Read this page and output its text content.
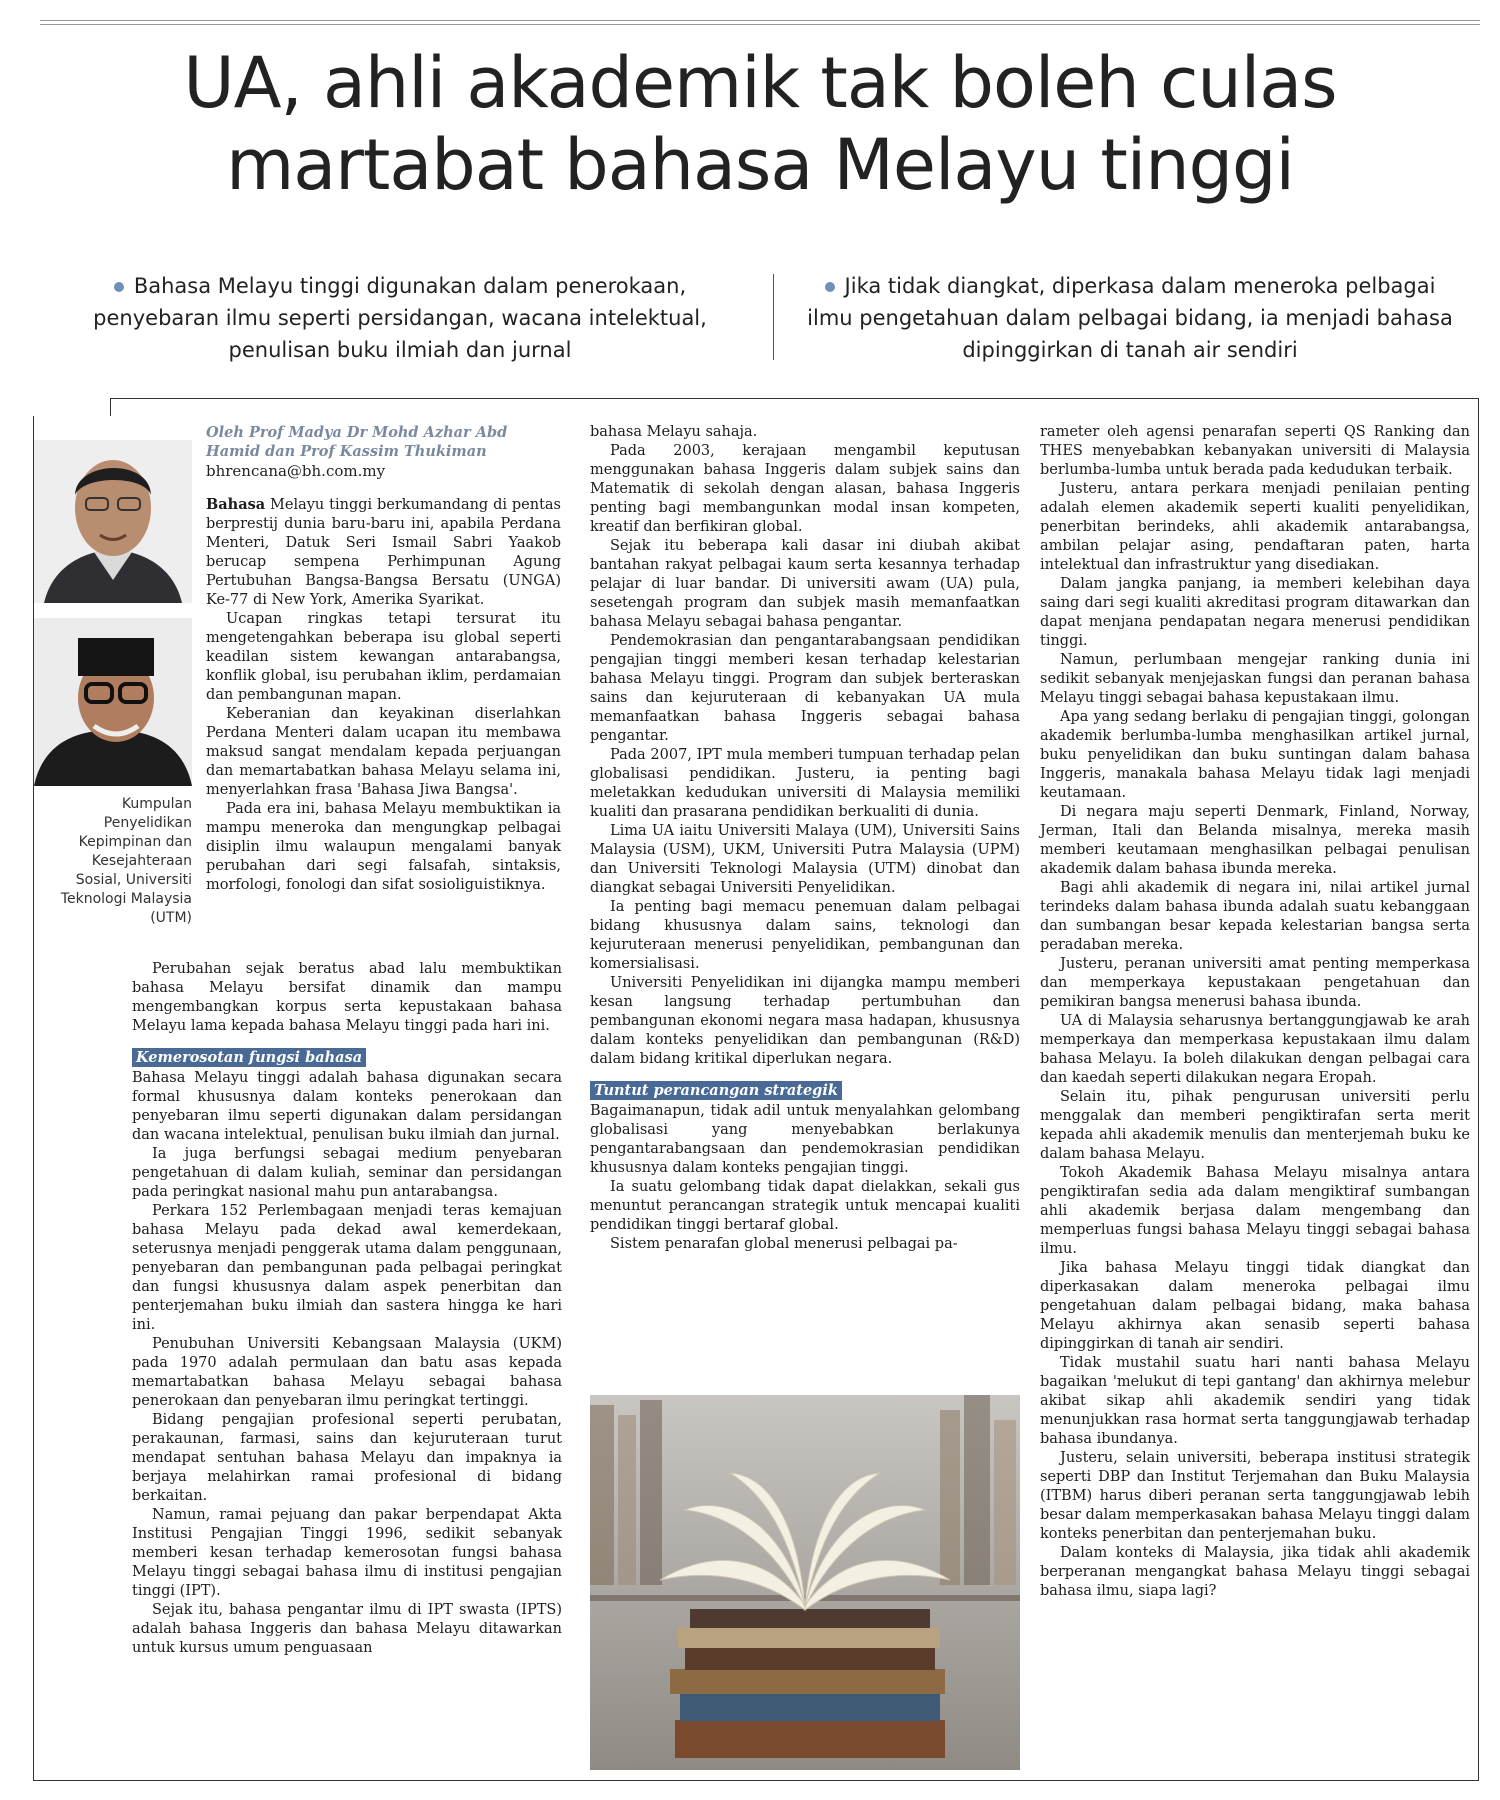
UA, ahli akademik tak boleh culas
martabat bahasa Melayu tinggi
Bahasa Melayu tinggi digunakan dalam penerokaan, penyebaran ilmu seperti persidangan, wacana intelektual, penulisan buku ilmiah dan jurnal
Jika tidak diangkat, diperkasa dalam meneroka pelbagai ilmu pengetahuan dalam pelbagai bidang, ia menjadi bahasa dipinggirkan di tanah air sendiri
Kumpulan
Penyelidikan
Kepimpinan dan
Kesejahteraan
Sosial, Universiti
Teknologi Malaysia
(UTM)
Oleh Prof Madya Dr Mohd Azhar Abd
Hamid dan Prof Kassim Thukiman
bhrencana@bh.com.my

Bahasa Melayu tinggi berkumandang di pentas berprestij dunia baru-baru ini, apabila Perdana Menteri, Datuk Seri Ismail Sabri Yaakob berucap sempena Perhimpunan Agung Pertubuhan Bangsa-Bangsa Bersatu (UNGA) Ke-77 di New York, Amerika Syarikat.

Ucapan ringkas tetapi tersurat itu mengetengahkan beberapa isu global seperti keadilan sistem kewangan antarabangsa, konflik global, isu perubahan iklim, perdamaian dan pembangunan mapan.

Keberanian dan keyakinan diserlahkan Perdana Menteri dalam ucapan itu membawa maksud sangat mendalam kepada perjuangan dan memartabatkan bahasa Melayu selama ini, menyerlahkan frasa 'Bahasa Jiwa Bangsa'.

Pada era ini, bahasa Melayu membuktikan ia mampu meneroka dan mengungkap pelbagai disiplin ilmu walaupun mengalami banyak perubahan dari segi falsafah, sintaksis, morfologi, fonologi dan sifat sosioliguistiknya.

Perubahan sejak beratus abad lalu membuktikan bahasa Melayu bersifat dinamik dan mampu mengembangkan korpus serta kepustakaan bahasa Melayu lama kepada bahasa Melayu tinggi pada hari ini.

Kemerosotan fungsi bahasa

Bahasa Melayu tinggi adalah bahasa digunakan secara formal khususnya dalam konteks penerokaan dan penyebaran ilmu seperti digunakan dalam persidangan dan wacana intelektual, penulisan buku ilmiah dan jurnal.

Ia juga berfungsi sebagai medium penyebaran pengetahuan di dalam kuliah, seminar dan persidangan pada peringkat nasional mahu pun antarabangsa.

Perkara 152 Perlembagaan menjadi teras kemajuan bahasa Melayu pada dekad awal kemerdekaan, seterusnya menjadi penggerak utama dalam penggunaan, penyebaran dan pembangunan pada pelbagai peringkat dan fungsi khususnya dalam aspek penerbitan dan penterjemahan buku ilmiah dan sastera hingga ke hari ini.

Penubuhan Universiti Kebangsaan Malaysia (UKM) pada 1970 adalah permulaan dan batu asas kepada memartabatkan bahasa Melayu sebagai bahasa penerokaan dan penyebaran ilmu peringkat tertinggi.

Bidang pengajian profesional seperti perubatan, perakaunan, farmasi, sains dan kejuruteraan turut mendapat sentuhan bahasa Melayu dan impaknya ia berjaya melahirkan ramai profesional di bidang berkaitan.

Namun, ramai pejuang dan pakar berpendapat Akta Institusi Pengajian Tinggi 1996, sedikit sebanyak memberi kesan terhadap kemerosotan fungsi bahasa Melayu tinggi sebagai bahasa ilmu di institusi pengajian tinggi (IPT).

Sejak itu, bahasa pengantar ilmu di IPT swasta (IPTS) adalah bahasa Inggeris dan bahasa Melayu ditawarkan untuk kursus umum penguasaan

bahasa Melayu sahaja.

Pada 2003, kerajaan mengambil keputusan menggunakan bahasa Inggeris dalam subjek sains dan Matematik di sekolah dengan alasan, bahasa Inggeris penting bagi membangunkan modal insan kompeten, kreatif dan berfikiran global.

Sejak itu beberapa kali dasar ini diubah akibat bantahan rakyat pelbagai kaum serta kesannya terhadap pelajar di luar bandar. Di universiti awam (UA) pula, sesetengah program dan subjek masih memanfaatkan bahasa Melayu sebagai bahasa pengantar.

Pendemokrasian dan pengantarabangsaan pendidikan pengajian tinggi memberi kesan terhadap kelestarian bahasa Melayu tinggi. Program dan subjek berteraskan sains dan kejuruteraan di kebanyakan UA mula memanfaatkan bahasa Inggeris sebagai bahasa pengantar.

Pada 2007, IPT mula memberi tumpuan terhadap pelan globalisasi pendidikan. Justeru, ia penting bagi meletakkan kedudukan universiti di Malaysia memiliki kualiti dan prasarana pendidikan berkualiti di dunia.

Lima UA iaitu Universiti Malaya (UM), Universiti Sains Malaysia (USM), UKM, Universiti Putra Malaysia (UPM) dan Universiti Teknologi Malaysia (UTM) dinobat dan diangkat sebagai Universiti Penyelidikan.

Ia penting bagi memacu penemuan dalam pelbagai bidang khususnya dalam sains, teknologi dan kejuruteraan menerusi penyelidikan, pembangunan dan komersialisasi.

Universiti Penyelidikan ini dijangka mampu memberi kesan langsung terhadap pertumbuhan dan pembangunan ekonomi negara masa hadapan, khususnya dalam konteks penyelidikan dan pembangunan (R&D) dalam bidang kritikal diperlukan negara.

Tuntut perancangan strategik

Bagaimanapun, tidak adil untuk menyalahkan gelombang globalisasi yang menyebabkan berlakunya pengantarabangsaan dan pendemokrasian pendidikan khususnya dalam konteks pengajian tinggi.

Ia suatu gelombang tidak dapat dielakkan, sekali gus menuntut perancangan strategik untuk mencapai kualiti pendidikan tinggi bertaraf global.

Sistem penarafan global menerusi pelbagai pa-

rameter oleh agensi penarafan seperti QS Ranking dan THES menyebabkan kebanyakan universiti di Malaysia berlumba-lumba untuk berada pada kedudukan terbaik.

Justeru, antara perkara menjadi penilaian penting adalah elemen akademik seperti kualiti penyelidikan, penerbitan berindeks, ahli akademik antarabangsa, ambilan pelajar asing, pendaftaran paten, harta intelektual dan infrastruktur yang disediakan.

Dalam jangka panjang, ia memberi kelebihan daya saing dari segi kualiti akreditasi program ditawarkan dan dapat menjana pendapatan negara menerusi pendidikan tinggi.

Namun, perlumbaan mengejar ranking dunia ini sedikit sebanyak menjejaskan fungsi dan peranan bahasa Melayu tinggi sebagai bahasa kepustakaan ilmu.

Apa yang sedang berlaku di pengajian tinggi, golongan akademik berlumba-lumba menghasilkan artikel jurnal, buku penyelidikan dan buku suntingan dalam bahasa Inggeris, manakala bahasa Melayu tidak lagi menjadi keutamaan.

Di negara maju seperti Denmark, Finland, Norway, Jerman, Itali dan Belanda misalnya, mereka masih memberi keutamaan menghasilkan pelbagai penulisan akademik dalam bahasa ibunda mereka.

Bagi ahli akademik di negara ini, nilai artikel jurnal terindeks dalam bahasa ibunda adalah suatu kebanggaan dan sumbangan besar kepada kelestarian bangsa serta peradaban mereka.

Justeru, peranan universiti amat penting memperkasa dan memperkaya kepustakaan pengetahuan dan pemikiran bangsa menerusi bahasa ibunda.

UA di Malaysia seharusnya bertanggungjawab ke arah memperkaya dan memperkasa kepustakaan ilmu dalam bahasa Melayu. Ia boleh dilakukan dengan pelbagai cara dan kaedah seperti dilakukan negara Eropah.

Selain itu, pihak pengurusan universiti perlu menggalak dan memberi pengiktirafan serta merit kepada ahli akademik menulis dan menterjemah buku ke dalam bahasa Melayu.

Tokoh Akademik Bahasa Melayu misalnya antara pengiktirafan sedia ada dalam mengiktiraf sumbangan ahli akademik berjasa dalam mengembang dan memperluas fungsi bahasa Melayu tinggi sebagai bahasa ilmu.

Jika bahasa Melayu tinggi tidak diangkat dan diperkasakan dalam meneroka pelbagai ilmu pengetahuan dalam pelbagai bidang, maka bahasa Melayu akhirnya akan senasib seperti bahasa dipinggirkan di tanah air sendiri.

Tidak mustahil suatu hari nanti bahasa Melayu bagaikan 'melukut di tepi gantang' dan akhirnya melebur akibat sikap ahli akademik sendiri yang tidak menunjukkan rasa hormat serta tanggungjawab terhadap bahasa ibundanya.

Justeru, selain universiti, beberapa institusi strategik seperti DBP dan Institut Terjemahan dan Buku Malaysia (ITBM) harus diberi peranan serta tanggungjawab lebih besar dalam memperkasakan bahasa Melayu tinggi dalam konteks penerbitan dan penterjemahan buku.

Dalam konteks di Malaysia, jika tidak ahli akademik berperanan mengangkat bahasa Melayu tinggi sebagai bahasa ilmu, siapa lagi?
